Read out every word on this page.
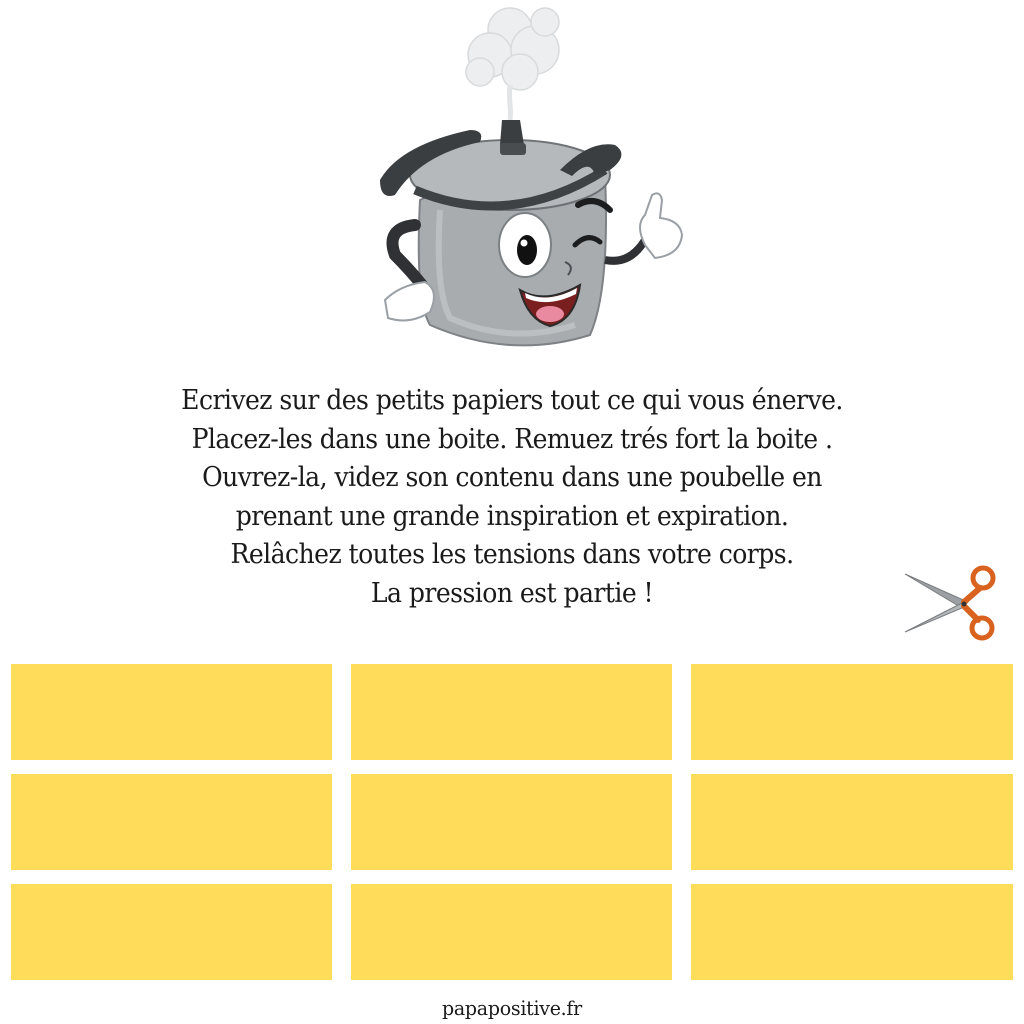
Ecrivez sur des petits papiers tout ce qui vous énerve.
Placez-les dans une boite. Remuez trés fort la boite .
Ouvrez-la, videz son contenu dans une poubelle en
prenant une grande inspiration et expiration.
Relâchez toutes les tensions dans votre corps.
La pression est partie !
papapositive.fr
